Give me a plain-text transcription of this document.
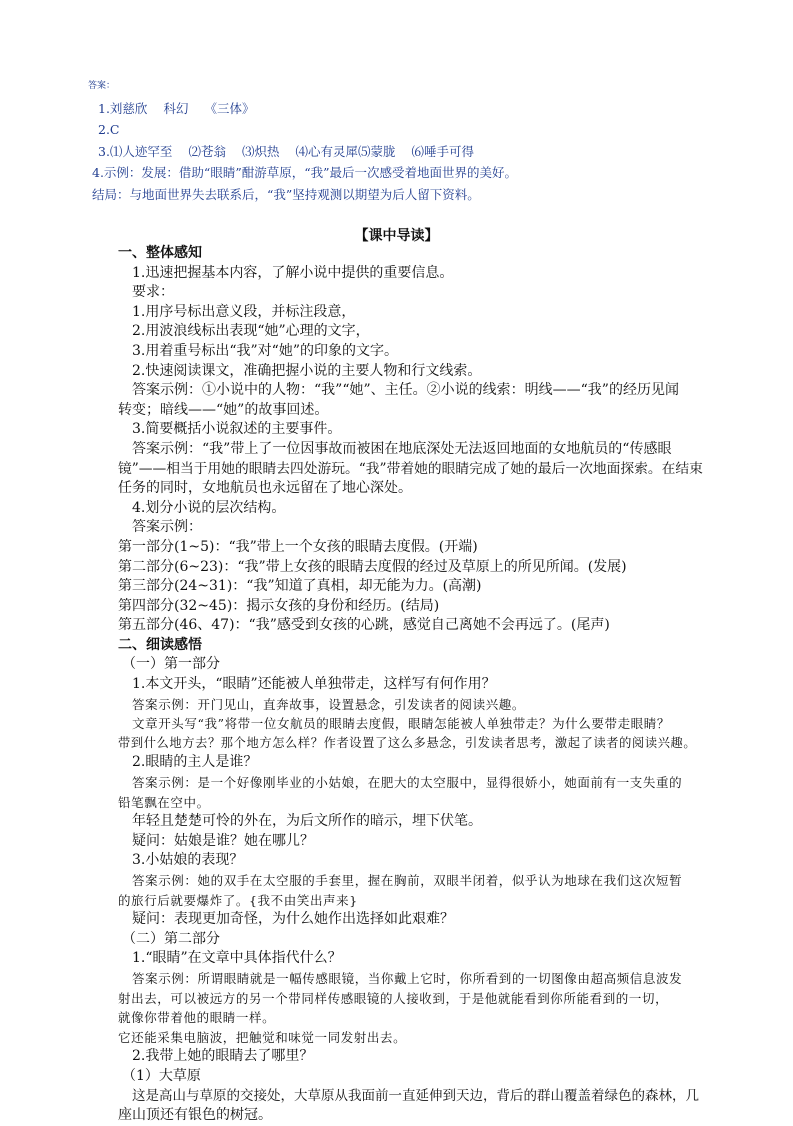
答案：
1.刘慈欣 科幻 《三体》
2.C
3.⑴人迹罕至 ⑵苍翁 ⑶炽热 ⑷心有灵犀⑸蒙胧 ⑹唾手可得
4.示例：发展：借助“眼睛”酣游草原，“我”最后一次感受着地面世界的美好。
结局：与地面世界失去联系后，“我”坚持观测以期望为后人留下资料。
【课中导读】
一、整体感知
1.迅速把握基本内容，了解小说中提供的重要信息。
要求：
1.用序号标出意义段，并标注段意，
2.用波浪线标出表现“她”心理的文字，
3.用着重号标出“我”对“她”的印象的文字。
2.快速阅读课文，准确把握小说的主要人物和行文线索。
答案示例：①小说中的人物：“我”“她”、主任。②小说的线索：明线——“我”的经历见闻
转变；暗线——“她”的故事回述。
3.简要概括小说叙述的主要事件。
答案示例：“我”带上了一位因事故而被困在地底深处无法返回地面的女地航员的“传感眼
镜”——相当于用她的眼睛去四处游玩。“我”带着她的眼睛完成了她的最后一次地面探索。在结束
任务的同时，女地航员也永远留在了地心深处。
4.划分小说的层次结构。
答案示例：
第一部分(1~5)：“我”带上一个女孩的眼睛去度假。(开端)
第二部分(6~23)：“我”带上女孩的眼睛去度假的经过及草原上的所见所闻。(发展)
第三部分(24~31)：“我”知道了真相，却无能为力。(高潮)
第四部分(32~45)：揭示女孩的身份和经历。(结局)
第五部分(46、47)：“我”感受到女孩的心跳，感觉自己离她不会再远了。(尾声)
二、细读感悟
（一）第一部分
1.本文开头，“眼睛”还能被人单独带走，这样写有何作用？
答案示例：开门见山，直奔故事，设置悬念，引发读者的阅读兴趣。
文章开头写“我”将带一位女航员的眼睛去度假，眼睛怎能被人单独带走？为什么要带走眼睛？
带到什么地方去？那个地方怎么样？作者设置了这么多悬念，引发读者思考，激起了读者的阅读兴趣。
2.眼睛的主人是谁？
答案示例：是一个好像刚毕业的小姑娘，在肥大的太空服中，显得很娇小，她面前有一支失重的
铅笔飘在空中。
年轻且楚楚可怜的外在，为后文所作的暗示，埋下伏笔。
疑问：姑娘是谁？她在哪儿？
3.小姑娘的表现？
答案示例：她的双手在太空服的手套里，握在胸前，双眼半闭着，似乎认为地球在我们这次短暂
的旅行后就要爆炸了。{我不由笑出声来}
疑问：表现更加奇怪，为什么她作出选择如此艰难？
（二）第二部分
1.“眼睛”在文章中具体指代什么？
答案示例：所谓眼睛就是一幅传感眼镜，当你戴上它时，你所看到的一切图像由超高频信息波发
射出去，可以被远方的另一个带同样传感眼镜的人接收到，于是他就能看到你所能看到的一切，
就像你带着他的眼睛一样。
它还能采集电脑波，把触觉和味觉一同发射出去。
2.我带上她的眼睛去了哪里？
（1）大草原
这是高山与草原的交接处，大草原从我面前一直延伸到天边，背后的群山覆盖着绿色的森林，几
座山顶还有银色的树冠。
